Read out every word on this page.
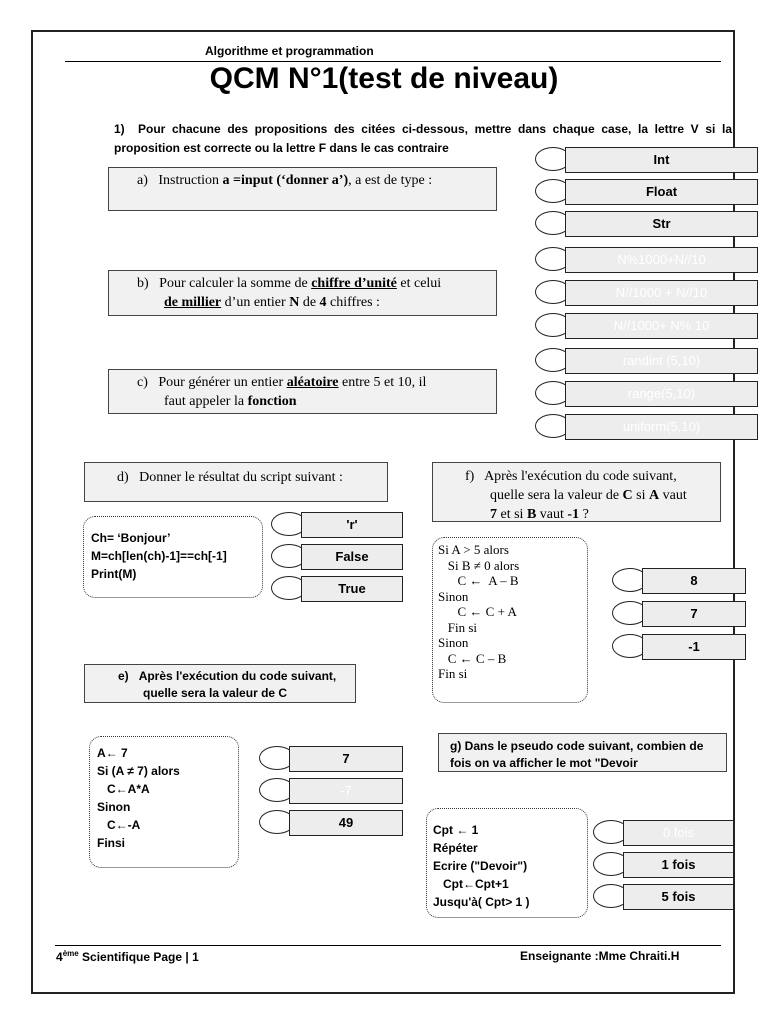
Algorithme et programmation
QCM N°1(test de niveau)
1) Pour chacune des propositions des citées ci-dessous, mettre dans chaque case, la lettre V si la proposition est correcte ou la lettre F dans le cas contraire
a) Instruction a =input (‘donner a’), a est de type :
Int
Float
Str
b) Pour calculer la somme de chiffre d’unité et celui
de millier d’un entier N de 4 chiffres :
N%1000+N//10
N//1000 + N//10
N//1000+ N% 10
c) Pour générer un entier aléatoire entre 5 et 10, il
faut appeler la fonction
randint (5,10)
range(5,10)
uniform(5,10)
d) Donner le résultat du script suivant :
Ch= ‘Bonjour’
M=ch[len(ch)-1]==ch[-1]
Print(M)
'r'
False
True
f) Après l'exécution du code suivant,
quelle sera la valeur de C si A vaut
7 et si B vaut -1 ?
Si A > 5 alors
Si B ≠ 0 alors
C ←  A – B
Sinon
C ← C + A
Fin si
Sinon
C ← C – B
Fin si
8
7
-1
e) Après l'exécution du code suivant,
quelle sera la valeur de C
A← 7
Si (A ≠ 7) alors
C←A*A
Sinon
C←-A
Finsi
7
-7
49
g) Dans le pseudo code suivant, combien de
fois on va afficher le mot "Devoir
Cpt ← 1
Répéter
Ecrire ("Devoir")
Cpt←Cpt+1
Jusqu'à( Cpt> 1 )
0 fois
1 fois
5 fois
4ème Scientifique Page | 1	Enseignante :Mme Chraiti.H
